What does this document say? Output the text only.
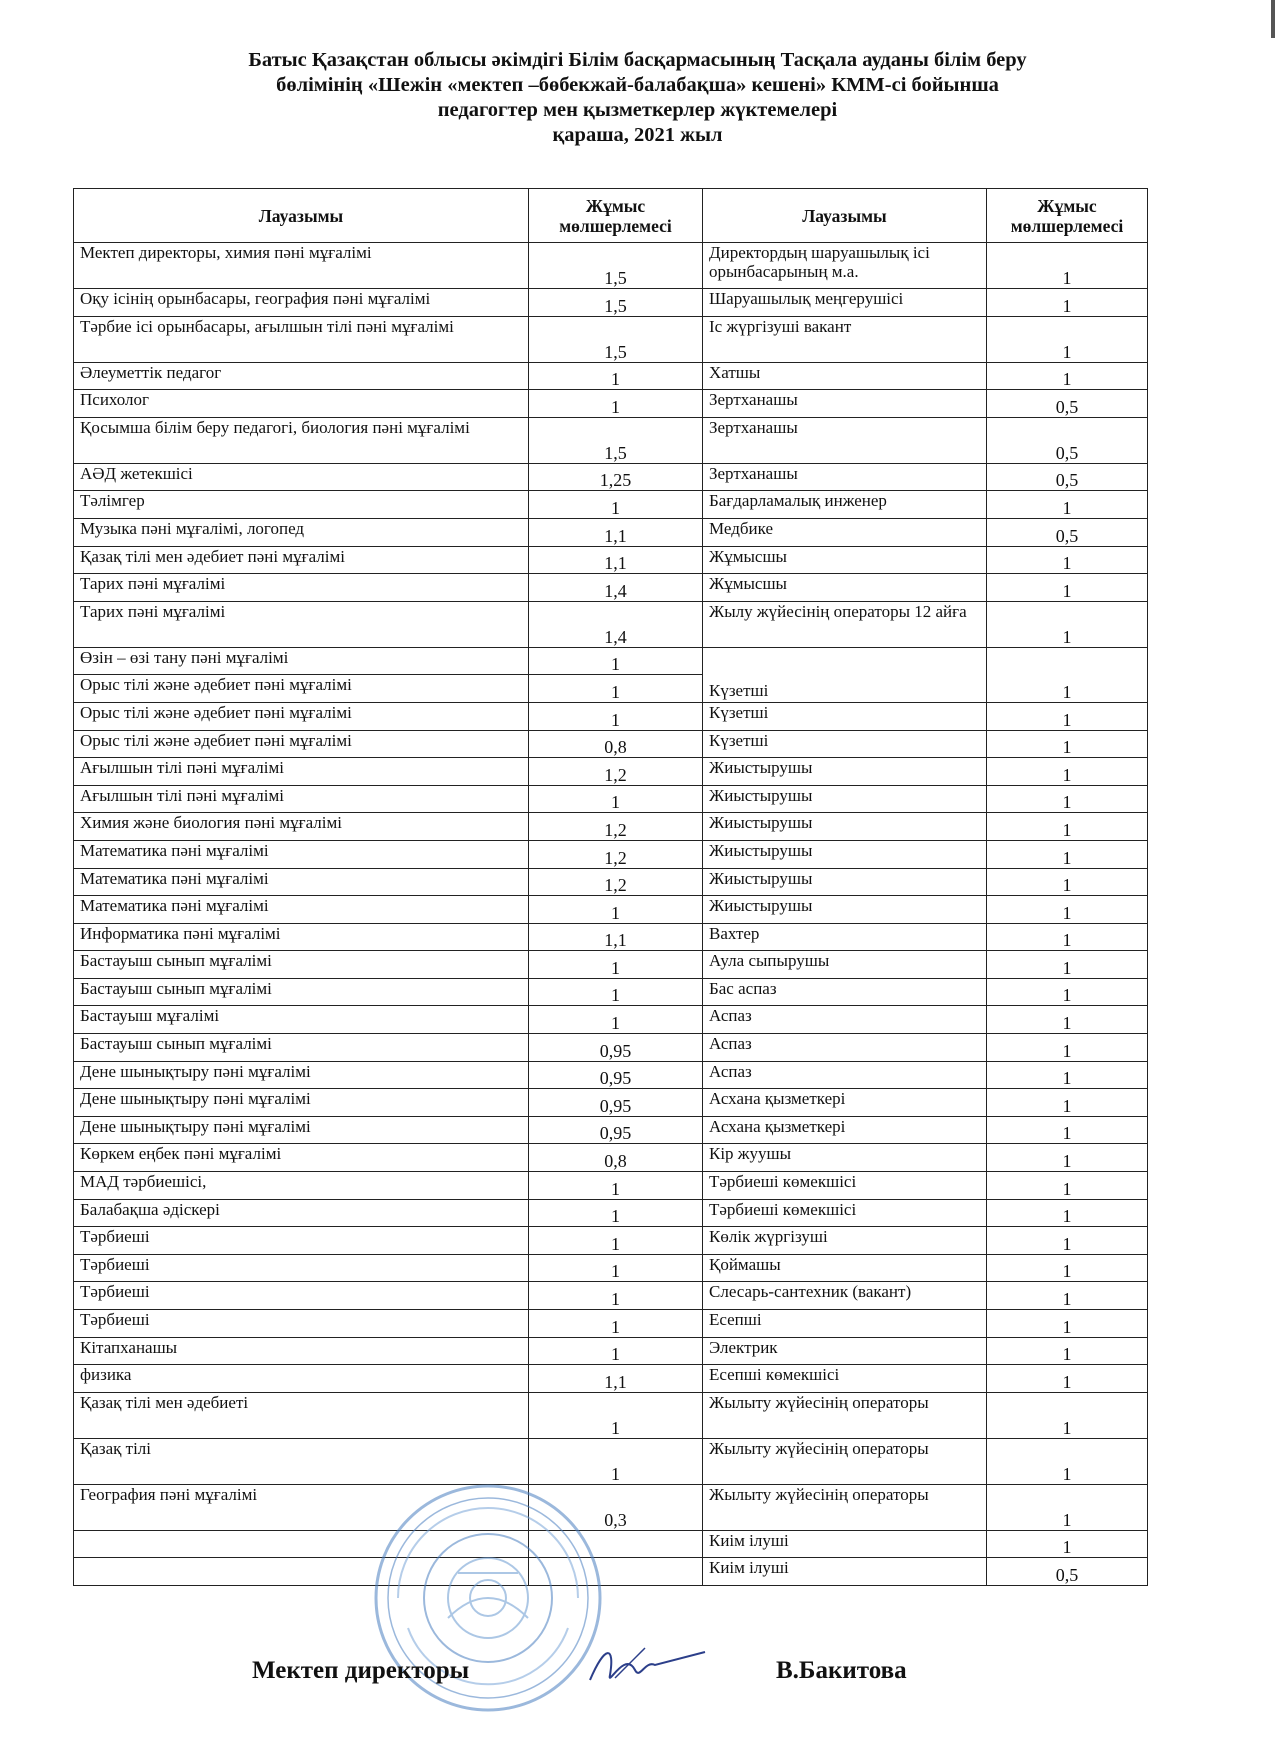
Батыс Қазақстан облысы әкімдігі Білім басқармасының Тасқала ауданы білім беру
бөлімінің «Шежін «мектеп –бөбекжай-балабақша» кешені» КММ-сі бойынша
педагогтер мен қызметкерлер жүктемелері
қараша, 2021 жыл
Лауазымы	Жұмыс мөлшерлемесі	Лауазымы	Жұмыс мөлшерлемесі
Мектеп директоры, химия пәні мұғалімі	1,5	Директордың шаруашылық ісі орынбасарының м.а.	1
Оқу ісінің орынбасары, география пәні мұғалімі	1,5	Шаруашылық меңгерушісі	1
Тәрбие ісі орынбасары, ағылшын тілі пәні мұғалімі	1,5	Іс жүргізуші вакант	1
Әлеуметтік педагог	1	Хатшы	1
Психолог	1	Зертханашы	0,5
Қосымша білім беру педагогі, биология пәні мұғалімі	1,5	Зертханашы	0,5
АӘД жетекшісі	1,25	Зертханашы	0,5
Тәлімгер	1	Бағдарламалық инженер	1
Музыка пәні мұғалімі, логопед	1,1	Медбике	0,5
Қазақ тілі мен әдебиет пәні мұғалімі	1,1	Жұмысшы	1
Тарих пәні мұғалімі	1,4	Жұмысшы	1
Тарих пәні мұғалімі	1,4	Жылу жүйесінің операторы 12 айға	1
Өзін – өзі тану пәні мұғалімі	1	Күзетші	1
Орыс тілі және әдебиет пәні мұғалімі	1		
Орыс тілі және әдебиет пәні мұғалімі	1	Күзетші	1
Орыс тілі және әдебиет пәні мұғалімі	0,8	Күзетші	1
Ағылшын тілі пәні мұғалімі	1,2	Жиыстырушы	1
Ағылшын тілі пәні мұғалімі	1	Жиыстырушы	1
Химия және биология пәні мұғалімі	1,2	Жиыстырушы	1
Математика пәні мұғалімі	1,2	Жиыстырушы	1
Математика пәні мұғалімі	1,2	Жиыстырушы	1
Математика пәні мұғалімі	1	Жиыстырушы	1
Информатика пәні мұғалімі	1,1	Вахтер	1
Бастауыш сынып мұғалімі	1	Аула сыпырушы	1
Бастауыш сынып мұғалімі	1	Бас аспаз	1
Бастауыш мұғалімі	1	Аспаз	1
Бастауыш сынып мұғалімі	0,95	Аспаз	1
Дене шынықтыру пәні мұғалімі	0,95	Аспаз	1
Дене шынықтыру пәні мұғалімі	0,95	Асхана қызметкері	1
Дене шынықтыру пәні мұғалімі	0,95	Асхана қызметкері	1
Көркем еңбек пәні мұғалімі	0,8	Кір жуушы	1
МАД тәрбиешісі,	1	Тәрбиеші көмекшісі	1
Балабақша әдіскері	1	Тәрбиеші көмекшісі	1
Тәрбиеші	1	Көлік жүргізуші	1
Тәрбиеші	1	Қоймашы	1
Тәрбиеші	1	Слесарь-сантехник (вакант)	1
Тәрбиеші	1	Есепші	1
Кітапханашы	1	Электрик	1
физика	1,1	Есепші көмекшісі	1
Қазақ тілі мен әдебиеті	1	Жылыту жүйесінің операторы	1
Қазақ тілі	1	Жылыту жүйесінің операторы	1
География пәні мұғалімі	0,3	Жылыту жүйесінің операторы	1
		Киім ілуші	1
		Киім ілуші	0,5
Мектеп директоры	В.Бакитова
